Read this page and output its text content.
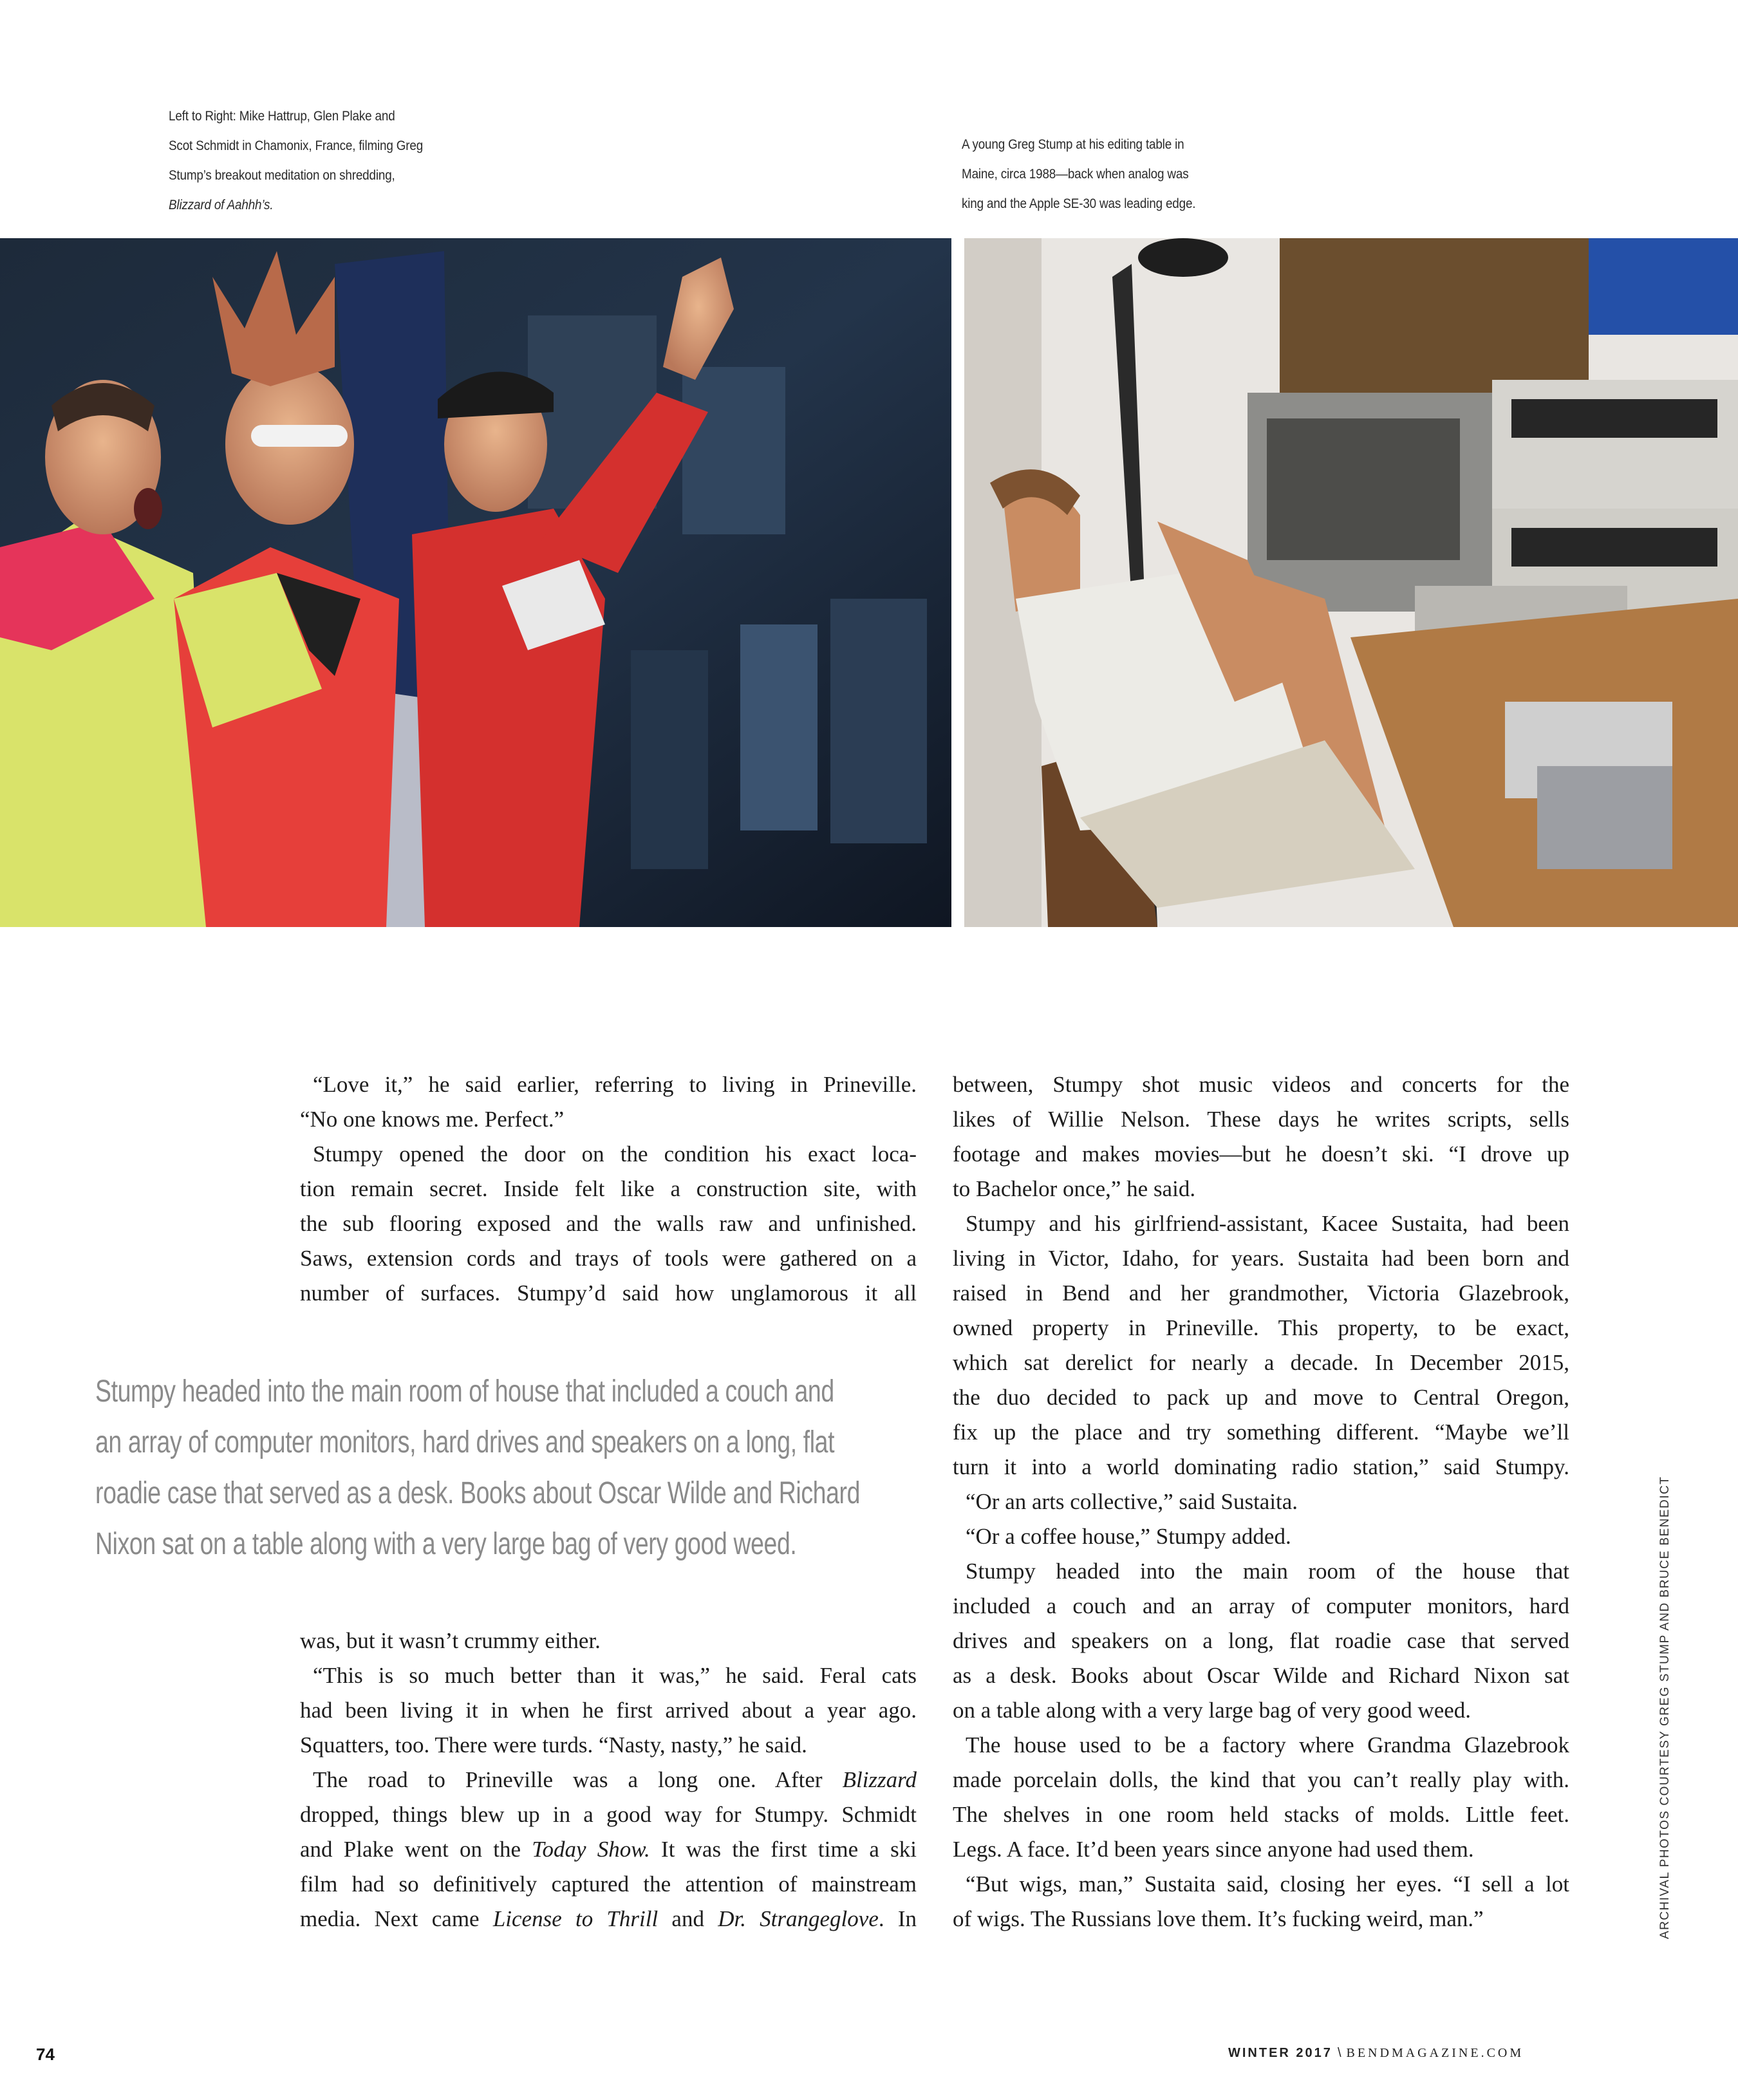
Left to Right: Mike Hattrup, Glen Plake and
Scot Schmidt in Chamonix, France, filming Greg
Stump’s breakout meditation on shredding,
Blizzard of Aahhh’s.
A young Greg Stump at his editing table in
Maine, circa 1988—back when analog was
king and the Apple SE-30 was leading edge.
“Love it,” he said earlier, referring to living in Prineville.
“No one knows me. Perfect.”
Stumpy opened the door on the condition his exact loca-
tion remain secret. Inside felt like a construction site, with
the sub flooring exposed and the walls raw and unfinished.
Saws, extension cords and trays of tools were gathered on a
number of surfaces. Stumpy’d said how unglamorous it all
Stumpy headed into the main room of house that included a couch and
an array of computer monitors, hard drives and speakers on a long, flat
roadie case that served as a desk. Books about Oscar Wilde and Richard
Nixon sat on a table along with a very large bag of very good weed.
was, but it wasn’t crummy either.
“This is so much better than it was,” he said. Feral cats
had been living it in when he first arrived about a year ago.
Squatters, too. There were turds. “Nasty, nasty,” he said.
The road to Prineville was a long one. After Blizzard
dropped, things blew up in a good way for Stumpy. Schmidt
and Plake went on the Today Show. It was the first time a ski
film had so definitively captured the attention of mainstream
media. Next came License to Thrill and Dr. Strangeglove. In
between, Stumpy shot music videos and concerts for the
likes of Willie Nelson. These days he writes scripts, sells
footage and makes movies—but he doesn’t ski. “I drove up
to Bachelor once,” he said.
Stumpy and his girlfriend-assistant, Kacee Sustaita, had been
living in Victor, Idaho, for years. Sustaita had been born and
raised in Bend and her grandmother, Victoria Glazebrook,
owned property in Prineville. This property, to be exact,
which sat derelict for nearly a decade. In December 2015,
the duo decided to pack up and move to Central Oregon,
fix up the place and try something different. “Maybe we’ll
turn it into a world dominating radio station,” said Stumpy.
“Or an arts collective,” said Sustaita.
“Or a coffee house,” Stumpy added.
Stumpy headed into the main room of the house that
included a couch and an array of computer monitors, hard
drives and speakers on a long, flat roadie case that served
as a desk. Books about Oscar Wilde and Richard Nixon sat
on a table along with a very large bag of very good weed.
The house used to be a factory where Grandma Glazebrook
made porcelain dolls, the kind that you can’t really play with.
The shelves in one room held stacks of molds. Little feet.
Legs. A face. It’d been years since anyone had used them.
“But wigs, man,” Sustaita said, closing her eyes. “I sell a lot
of wigs. The Russians love them. It’s fucking weird, man.”	ARCHIVAL PHOTOS COURTESY GREG STUMP AND BRUCE BENEDICT
74	WINTER 2017 \ BENDMAGAZINE.COM
